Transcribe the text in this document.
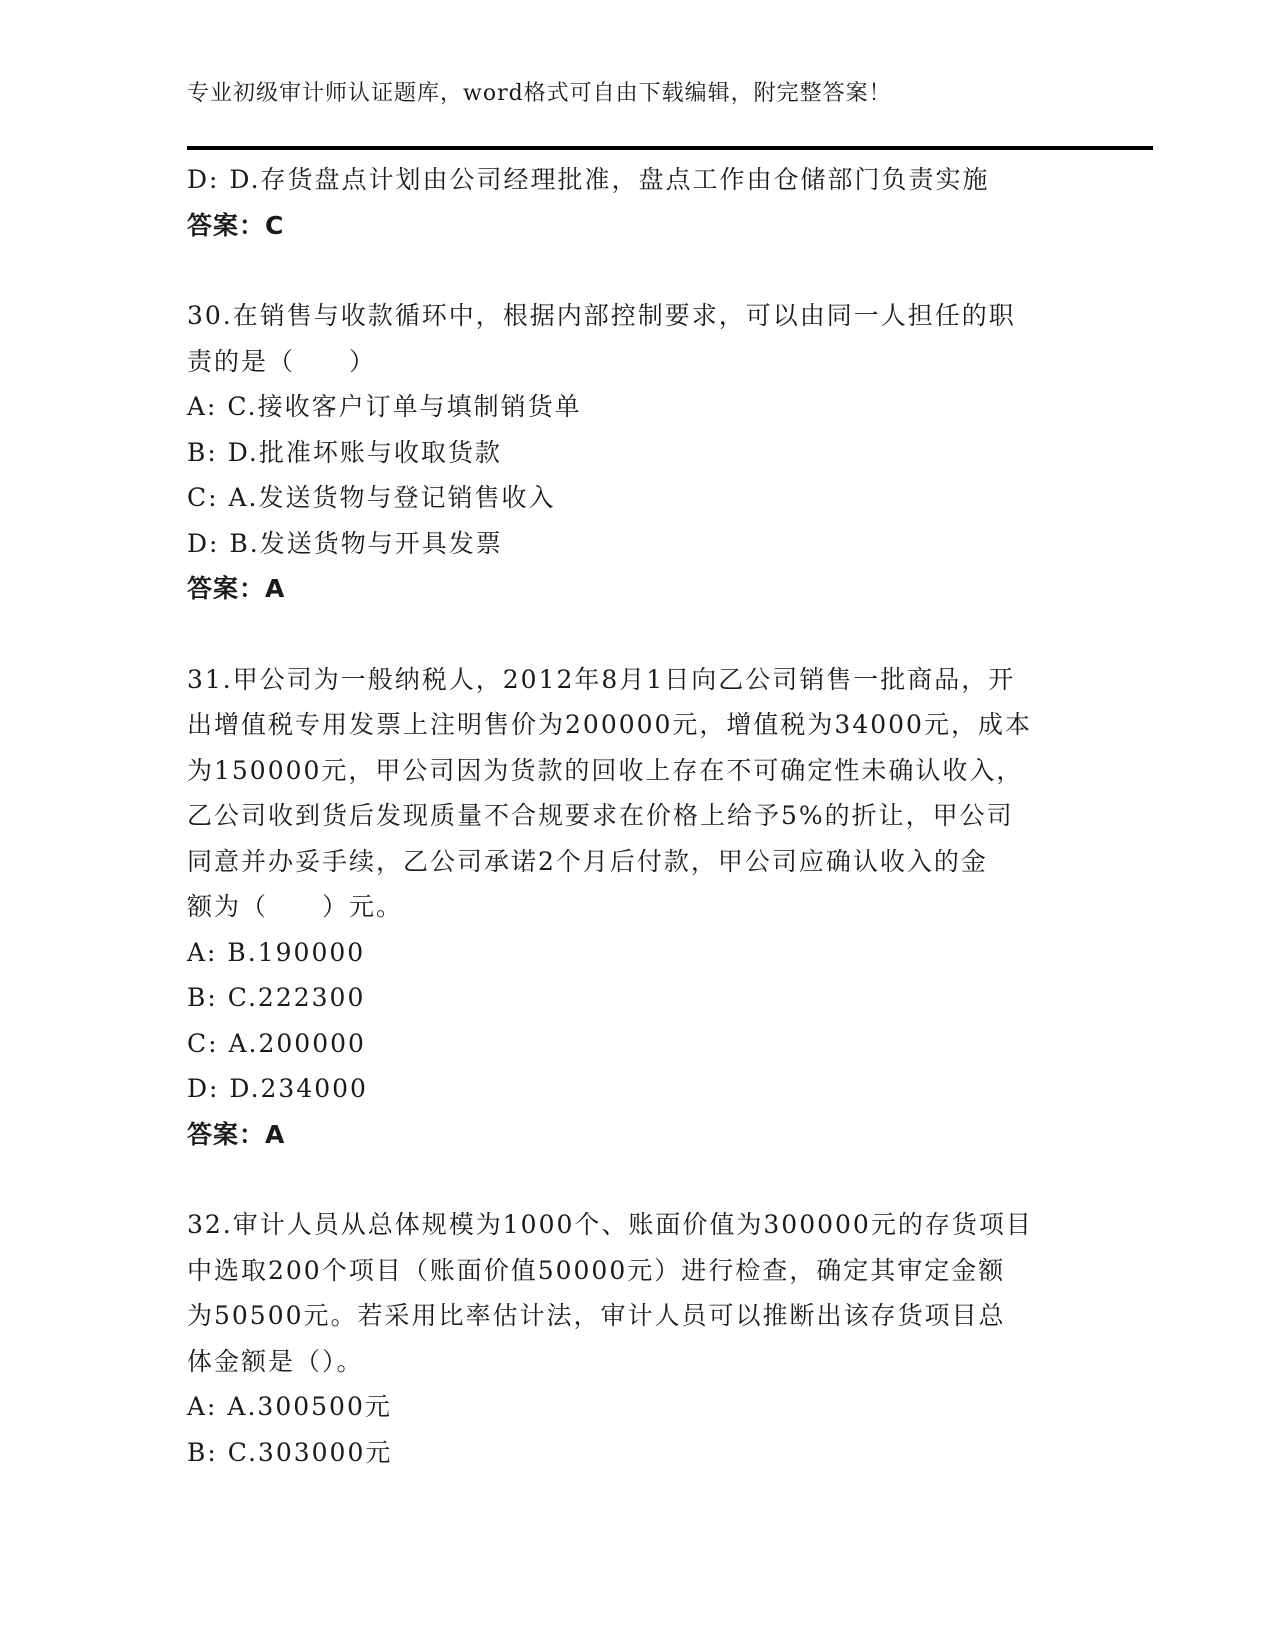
专业初级审计师认证题库，word格式可自由下载编辑，附完整答案！
D: D.存货盘点计划由公司经理批准，盘点工作由仓储部门负责实施
答案：C
30.在销售与收款循环中，根据内部控制要求，可以由同一人担任的职
责的是（　　）
A: C.接收客户订单与填制销货单
B: D.批准坏账与收取货款
C: A.发送货物与登记销售收入
D: B.发送货物与开具发票
答案：A
31.甲公司为一般纳税人，2012年8月1日向乙公司销售一批商品，开
出增值税专用发票上注明售价为200000元，增值税为34000元，成本
为150000元，甲公司因为货款的回收上存在不可确定性未确认收入，
乙公司收到货后发现质量不合规要求在价格上给予5%的折让，甲公司
同意并办妥手续，乙公司承诺2个月后付款，甲公司应确认收入的金
额为（　　）元。
A: B.190000
B: C.222300
C: A.200000
D: D.234000
答案：A
32.审计人员从总体规模为1000个、账面价值为300000元的存货项目
中选取200个项目（账面价值50000元）进行检查，确定其审定金额
为50500元。若采用比率估计法，审计人员可以推断出该存货项目总
体金额是（）。
A: A.300500元
B: C.303000元
